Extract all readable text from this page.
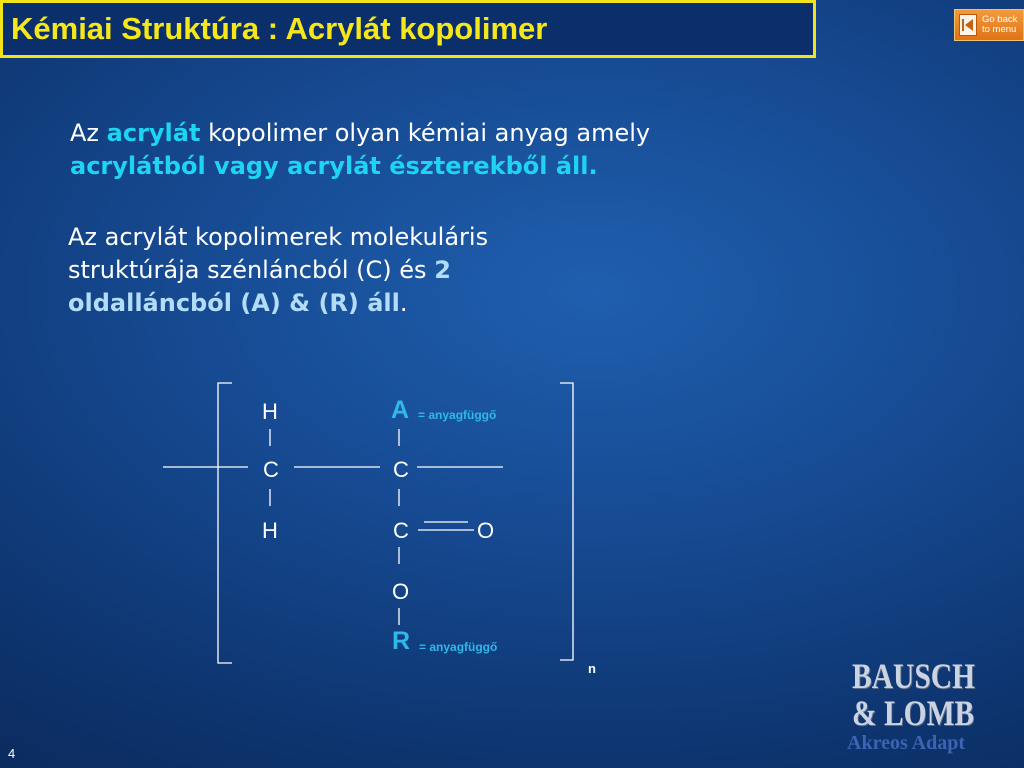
Kémiai Struktúra : Acrylát kopolimer	Go back to menu
Az acrylát kopolimer olyan kémiai anyag amely
acrylátból vagy acrylát észterekből áll.
Az acrylát kopolimerek molekuláris
struktúrája szénláncból (C) és 2
oldalláncból (A) & (R) áll.
H
C
H
C
C	O
O
A = anyagfüggő
R = anyagfüggő
n	BAUSCH
& LOMB
Akreos Adapt
4
